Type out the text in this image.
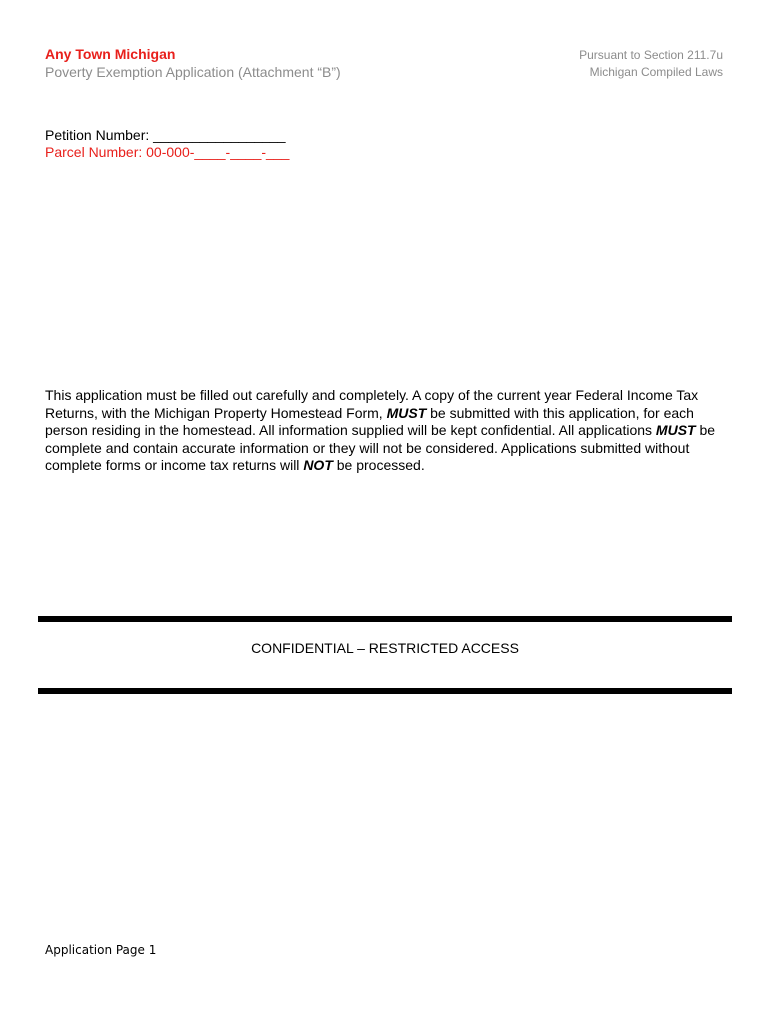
Any Town Michigan
Poverty Exemption Application (Attachment “B”)
Pursuant to Section 211.7u
Michigan Compiled Laws
Petition Number: _________________
Parcel Number: 00-000-____-____-___
This application must be filled out carefully and completely. A copy of the current year Federal Income Tax Returns, with the Michigan Property Homestead Form, MUST be submitted with this application, for each person residing in the homestead. All information supplied will be kept confidential. All applications MUST be complete and contain accurate information or they will not be considered. Applications submitted without complete forms or income tax returns will NOT be processed.
CONFIDENTIAL – RESTRICTED ACCESS
Application Page 1
